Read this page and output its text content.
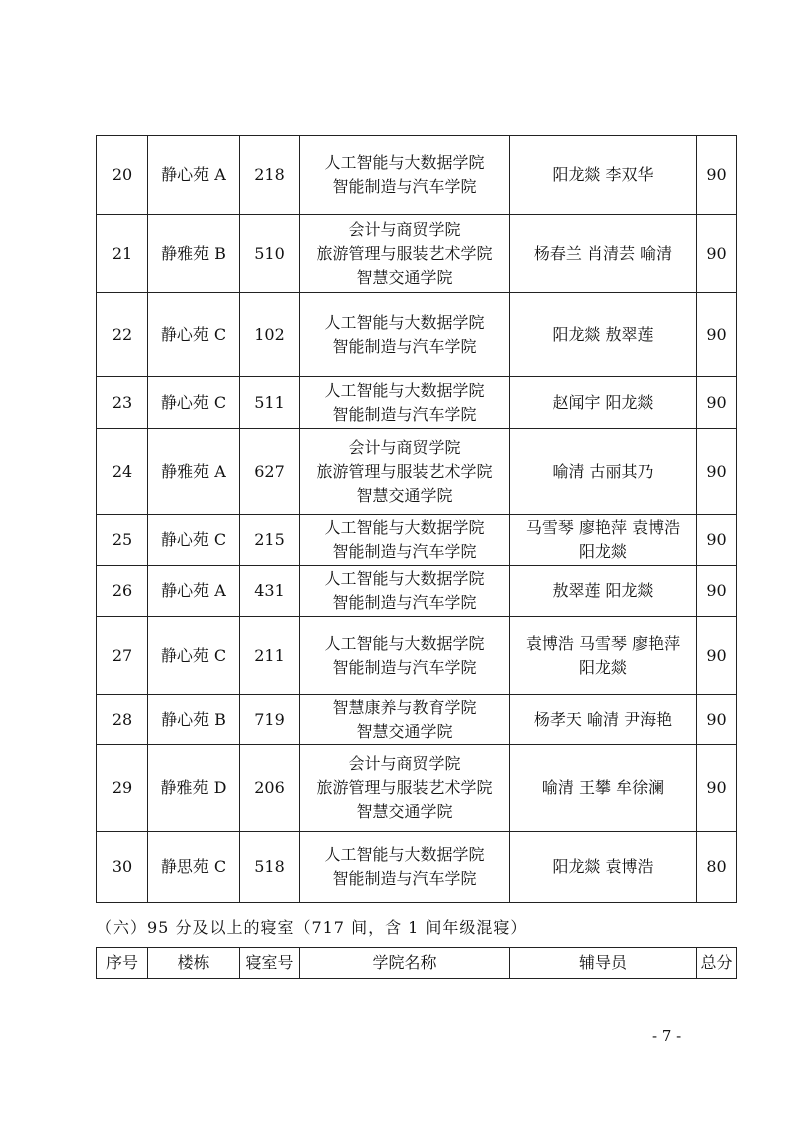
20	静心苑 A	218	人工智能与大数据学院
智能制造与汽车学院	阳龙燚 李双华	90
21	静雅苑 B	510	会计与商贸学院
旅游管理与服装艺术学院
智慧交通学院	杨春兰 肖清芸 喻清	90
22	静心苑 C	102	人工智能与大数据学院
智能制造与汽车学院	阳龙燚 敖翠莲	90
23	静心苑 C	511	人工智能与大数据学院
智能制造与汽车学院	赵闻宇 阳龙燚	90
24	静雅苑 A	627	会计与商贸学院
旅游管理与服装艺术学院
智慧交通学院	喻清 古丽其乃	90
25	静心苑 C	215	人工智能与大数据学院
智能制造与汽车学院	马雪琴 廖艳萍 袁博浩
阳龙燚	90
26	静心苑 A	431	人工智能与大数据学院
智能制造与汽车学院	敖翠莲 阳龙燚	90
27	静心苑 C	211	人工智能与大数据学院
智能制造与汽车学院	袁博浩 马雪琴 廖艳萍
阳龙燚	90
28	静心苑 B	719	智慧康养与教育学院
智慧交通学院	杨孝天 喻清 尹海艳	90
29	静雅苑 D	206	会计与商贸学院
旅游管理与服装艺术学院
智慧交通学院	喻清 王攀 牟徐澜	90
30	静思苑 C	518	人工智能与大数据学院
智能制造与汽车学院	阳龙燚 袁博浩	80
（六）95 分及以上的寝室（717 间，含 1 间年级混寝）
序号	楼栋	寝室号	学院名称	辅导员	总分
- 7 -
